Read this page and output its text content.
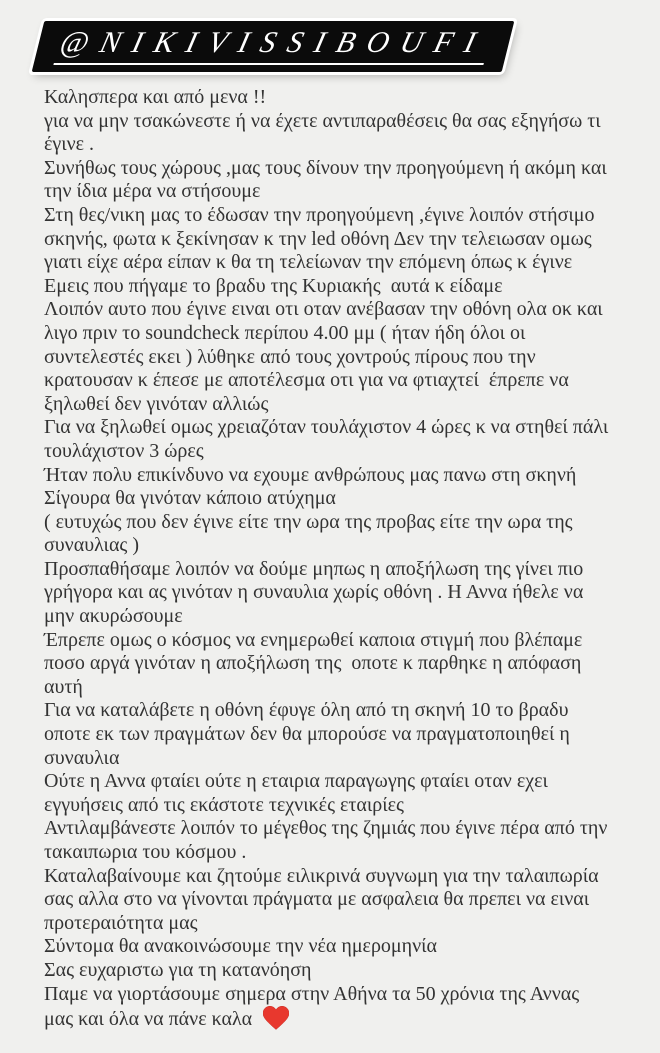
@NIKIVISSIBOUFI
Καλησπερα και από μενα !!
για να μην τσακώνεστε ή να έχετε αντιπαραθέσεις θα σας εξηγήσω τι
έγινε .
Συνήθως τους χώρους ,μας τους δίνουν την προηγούμενη ή ακόμη και
την ίδια μέρα να στήσουμε
Στη θες/νικη μας το έδωσαν την προηγούμενη ,έγινε λοιπόν στήσιμο
σκηνής, φωτα κ ξεκίνησαν κ την led οθόνη Δεν την τελειωσαν ομως
γιατι είχε αέρα είπαν κ θα τη τελείωναν την επόμενη όπως κ έγινε
Εμεις που πήγαμε το βραδυ της Κυριακής  αυτά κ είδαμε
Λοιπόν αυτο που έγινε ειναι οτι οταν ανέβασαν την οθόνη ολα οκ και
λιγο πριν το soundcheck περίπου 4.00 μμ ( ήταν ήδη όλοι οι
συντελεστές εκει ) λύθηκε από τους χοντρούς πίρους που την
κρατουσαν κ έπεσε με αποτέλεσμα οτι για να φτιαχτεί  έπρεπε να
ξηλωθεί δεν γινόταν αλλιώς
Για να ξηλωθεί ομως χρειαζόταν τουλάχιστον 4 ώρες κ να στηθεί πάλι
τουλάχιστον 3 ώρες
Ήταν πολυ επικίνδυνο να εχουμε ανθρώπους μας πανω στη σκηνή
Σίγουρα θα γινόταν κάποιο ατύχημα
( ευτυχώς που δεν έγινε είτε την ωρα της προβας είτε την ωρα της
συναυλιας )
Προσπαθήσαμε λοιπόν να δούμε μηπως η αποξήλωση της γίνει πιο
γρήγορα και ας γινόταν η συναυλια χωρίς οθόνη . Η Αννα ήθελε να
μην ακυρώσουμε
Έπρεπε ομως ο κόσμος να ενημερωθεί καποια στιγμή που βλέπαμε
ποσο αργά γινόταν η αποξήλωση της  οποτε κ παρθηκε η απόφαση
αυτή
Για να καταλάβετε η οθόνη έφυγε όλη από τη σκηνή 10 το βραδυ
οποτε εκ των πραγμάτων δεν θα μπορούσε να πραγματοποιηθεί η
συναυλια
Ούτε η Αννα φταίει ούτε η εταιρια παραγωγης φταίει οταν εχει
εγγυήσεις από τις εκάστοτε τεχνικές εταιρίες
Αντιλαμβάνεστε λοιπόν το μέγεθος της ζημιάς που έγινε πέρα από την
τακαιπωρια του κόσμου .
Καταλαβαίνουμε και ζητούμε ειλικρινά συγνωμη για την ταλαιπωρία
σας αλλα στο να γίνονται πράγματα με ασφαλεια θα πρεπει να ειναι
προτεραιότητα μας
Σύντομα θα ανακοινώσουμε την νέα ημερομηνία
Σας ευχαριστω για τη κατανόηση
Παμε να γιορτάσουμε σημερα στην Αθήνα τα 50 χρόνια της Αννας
μας και όλα να πάνε καλα
